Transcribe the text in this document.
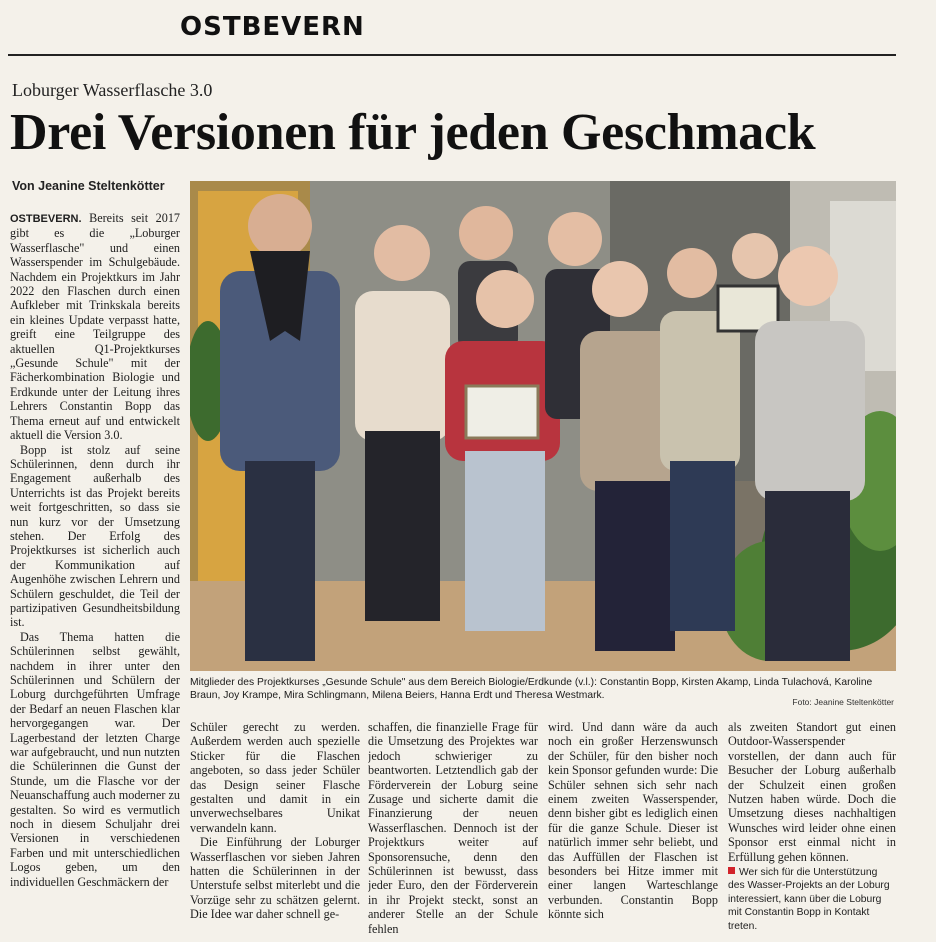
OSTBEVERN
Loburger Wasserflasche 3.0
Drei Versionen für jeden Geschmack
Von Jeanine Steltenkötter

OSTBEVERN. Bereits seit 2017 gibt es die „Loburger Wasserflasche" und einen Wasserspender im Schulgebäude. Nachdem ein Projektkurs im Jahr 2022 den Flaschen durch einen Aufkleber mit Trinkskala bereits ein kleines Update verpasst hatte, greift eine Teilgruppe des aktuellen Q1-Projektkurses „Gesunde Schule" mit der Fächerkombination Biologie und Erdkunde unter der Leitung ihres Lehrers Constantin Bopp das Thema erneut auf und entwickelt aktuell die Version 3.0.

Bopp ist stolz auf seine Schülerinnen, denn durch ihr Engagement außerhalb des Unterrichts ist das Projekt bereits weit fortgeschritten, so dass sie nun kurz vor der Umsetzung stehen. Der Erfolg des Projektkurses ist sicherlich auch der Kommunikation auf Augenhöhe zwischen Lehrern und Schülern geschuldet, die Teil der partizipativen Gesundheitsbildung ist.

Das Thema hatten die Schülerinnen selbst gewählt, nachdem in ihrer unter den Schülerinnen und Schülern der Loburg durchgeführten Umfrage der Bedarf an neuen Flaschen klar hervorgegangen war. Der Lagerbestand der letzten Charge war aufgebraucht, und nun nutzten die Schülerinnen die Gunst der Stunde, um die Flasche vor der Neuanschaffung auch moderner zu gestalten. So wird es vermutlich noch in diesem Schuljahr drei Versionen in verschiedenen Farben und mit unterschiedlichen Logos geben, um den individuellen Geschmäckern der

Mitglieder des Projektkurses „Gesunde Schule" aus dem Bereich Biologie/Erdkunde (v.l.): Constantin Bopp, Kirsten Akamp, Linda Tulachová, Karoline Braun, Joy Krampe, Mira Schlingmann, Milena Beiers, Hanna Erdt und Theresa Westmark.
Foto: Jeanine Steltenkötter

Schüler gerecht zu werden. Außerdem werden auch spezielle Sticker für die Flaschen angeboten, so dass jeder Schüler das Design seiner Flasche gestalten und damit in ein unverwechselbares Unikat verwandeln kann.

Die Einführung der Loburger Wasserflaschen vor sieben Jahren hatten die Schülerinnen in der Unterstufe selbst miterlebt und die Vorzüge sehr zu schätzen gelernt. Die Idee war daher schnell ge-

schaffen, die finanzielle Frage für die Umsetzung des Projektes war jedoch schwieriger zu beantworten. Letztendlich gab der Förderverein der Loburg seine Zusage und sicherte damit die Finanzierung der neuen Wasserflaschen. Dennoch ist der Projektkurs weiter auf Sponsorensuche, denn den Schülerinnen ist bewusst, dass jeder Euro, den der Förderverein in ihr Projekt steckt, sonst an anderer Stelle an der Schule fehlen

wird. Und dann wäre da auch noch ein großer Herzenswunsch der Schüler, für den bisher noch kein Sponsor gefunden wurde: Die Schüler sehnen sich sehr nach einem zweiten Wasserspender, denn bisher gibt es lediglich einen für die ganze Schule. Dieser ist natürlich immer sehr beliebt, und das Auffüllen der Flaschen ist besonders bei Hitze immer mit einer langen Warteschlange verbunden. Constantin Bopp könnte sich

als zweiten Standort gut einen Outdoor-Wasserspender vorstellen, der dann auch für Besucher der Loburg außerhalb der Schulzeit einen großen Nutzen haben würde. Doch die Umsetzung dieses nachhaltigen Wunsches wird leider ohne einen Sponsor erst einmal nicht in Erfüllung gehen können.

Wer sich für die Unterstützung des Wasser-Projekts an der Loburg interessiert, kann über die Loburg mit Constantin Bopp in Kontakt treten.
